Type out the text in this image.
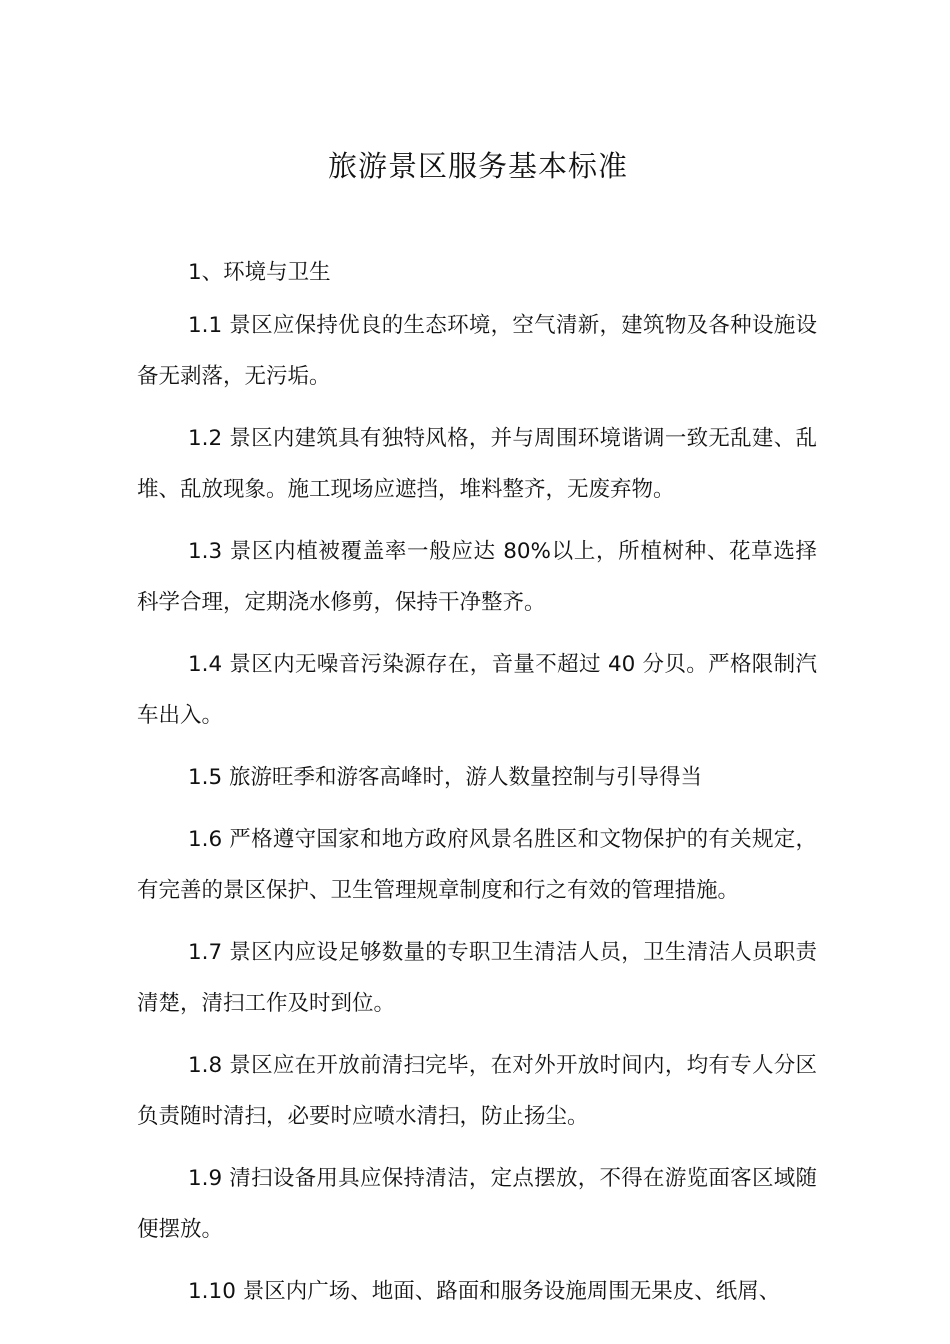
旅游景区服务基本标准
1、环境与卫生

1.1 景区应保持优良的生态环境，空气清新，建筑物及各种设施设备无剥落，无污垢。

1.2 景区内建筑具有独特风格，并与周围环境谐调一致无乱建、乱堆、乱放现象。施工现场应遮挡，堆料整齐，无废弃物。

1.3 景区内植被覆盖率一般应达 80%以上，所植树种、花草选择科学合理，定期浇水修剪，保持干净整齐。

1.4 景区内无噪音污染源存在，音量不超过 40 分贝。严格限制汽车出入。

1.5 旅游旺季和游客高峰时，游人数量控制与引导得当

1.6 严格遵守国家和地方政府风景名胜区和文物保护的有关规定，有完善的景区保护、卫生管理规章制度和行之有效的管理措施。

1.7 景区内应设足够数量的专职卫生清洁人员，卫生清洁人员职责清楚，清扫工作及时到位。

1.8 景区应在开放前清扫完毕，在对外开放时间内，均有专人分区负责随时清扫，必要时应喷水清扫，防止扬尘。

1.9 清扫设备用具应保持清洁，定点摆放，不得在游览面客区域随便摆放。

1.10 景区内广场、地面、路面和服务设施周围无果皮、纸屑、
